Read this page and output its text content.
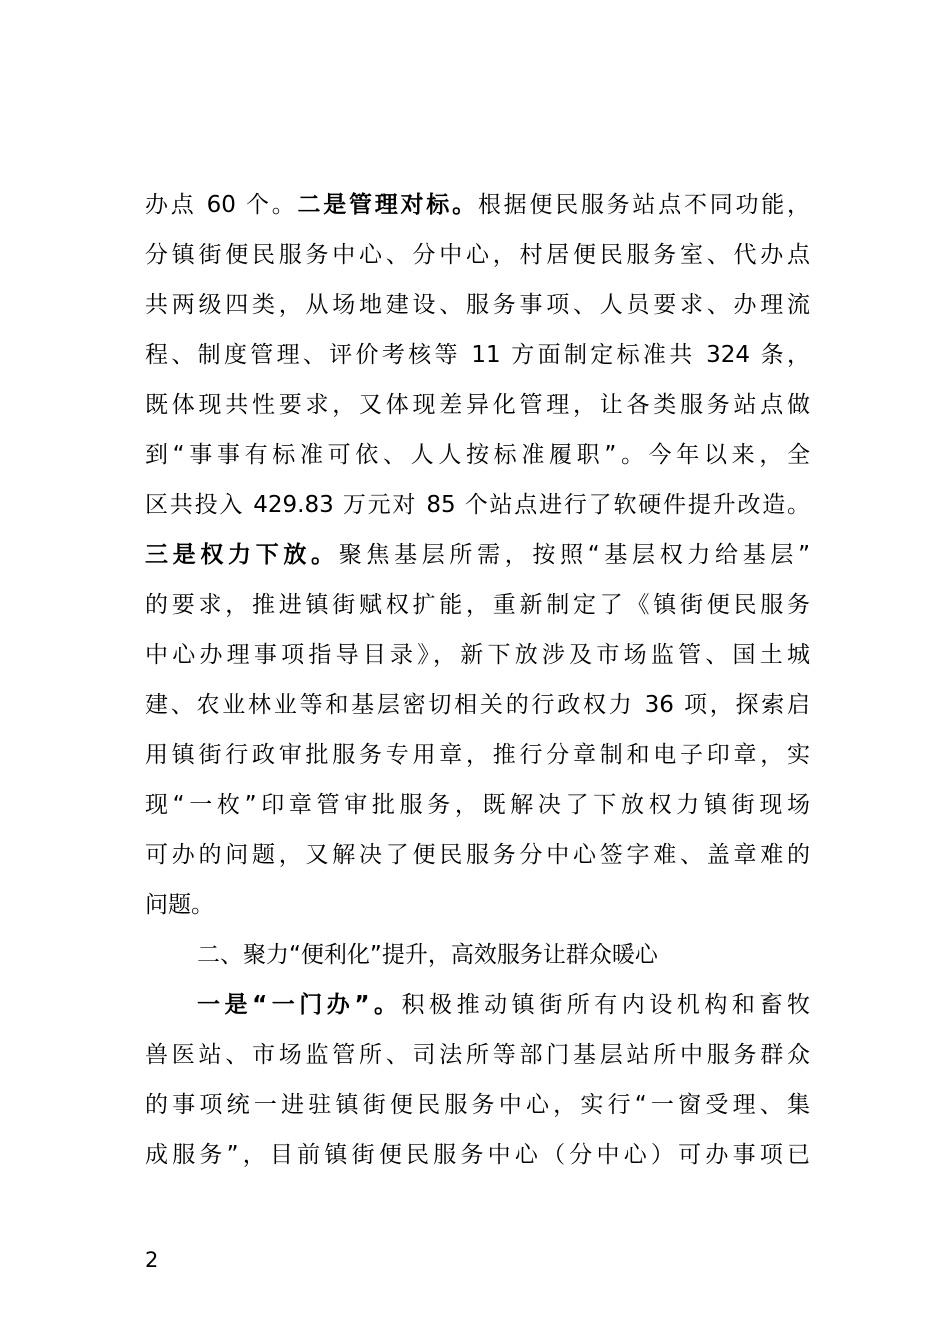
办点 60 个。二是管理对标。根据便民服务站点不同功能，
分镇街便民服务中心、分中心，村居便民服务室、代办点
共两级四类，从场地建设、服务事项、人员要求、办理流
程、制度管理、评价考核等 11 方面制定标准共 324 条，
既体现共性要求，又体现差异化管理，让各类服务站点做
到“事事有标准可依、人人按标准履职”。今年以来，全
区共投入 429.83 万元对 85 个站点进行了软硬件提升改造。
三是权力下放。聚焦基层所需，按照“基层权力给基层”
的要求，推进镇街赋权扩能，重新制定了《镇街便民服务
中心办理事项指导目录》，新下放涉及市场监管、国土城
建、农业林业等和基层密切相关的行政权力 36 项，探索启
用镇街行政审批服务专用章，推行分章制和电子印章，实
现“一枚”印章管审批服务，既解决了下放权力镇街现场
可办的问题，又解决了便民服务分中心签字难、盖章难的
问题。
二、聚力“便利化”提升，高效服务让群众暖心
一是“一门办”。积极推动镇街所有内设机构和畜牧
兽医站、市场监管所、司法所等部门基层站所中服务群众
的事项统一进驻镇街便民服务中心，实行“一窗受理、集
成服务”，目前镇街便民服务中心（分中心）可办事项已
2
